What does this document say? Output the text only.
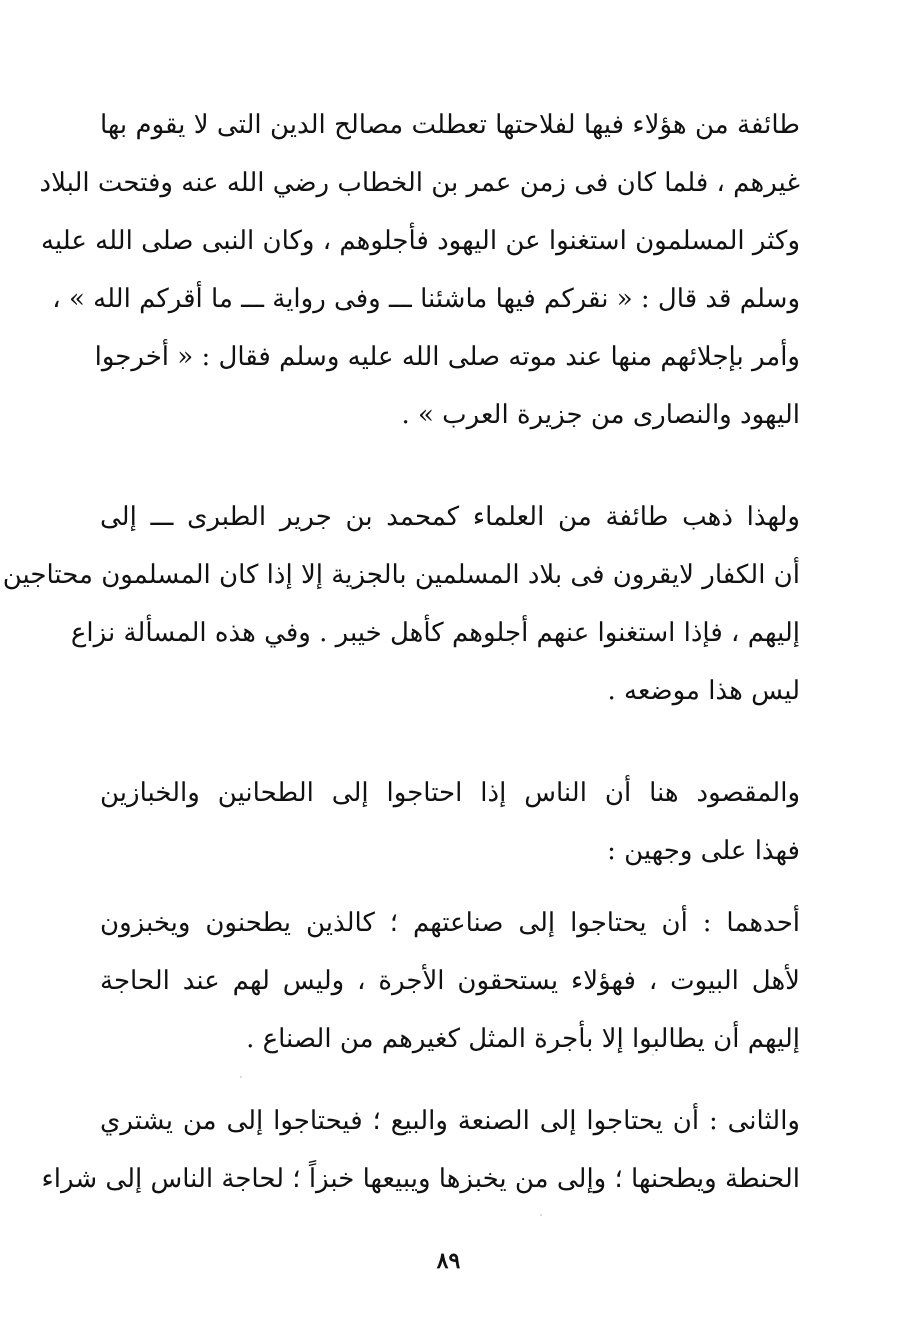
طائفة من هؤلاء فيها لفلاحتها تعطلت مصالح الدين التى لا يقوم بها
غيرهم ، فلما كان فى زمن عمر بن الخطاب رضي الله عنه وفتحت البلاد
وكثر المسلمون استغنوا عن اليهود فأجلوهم ، وكان النبى صلى الله عليه
وسلم قد قال : « نقركم فيها ماشئنا ـــ وفى رواية ـــ ما أقركم الله » ،
وأمر بإجلائهم منها عند موته صلى الله عليه وسلم فقال : « أخرجوا
اليهود والنصارى من جزيرة العرب » .
ولهذا ذهب طائفة من العلماء كمحمد بن جرير الطبرى ـــ إلى
أن الكفار لايقرون فى بلاد المسلمين بالجزية إلا إذا كان المسلمون محتاجين
إليهم ، فإذا استغنوا عنهم أجلوهم كأهل خيبر . وفي هذه المسألة نزاع
ليس هذا موضعه .
والمقصود هنا أن الناس إذا احتاجوا إلى الطحانين والخبازين
فهذا على وجهين :
أحدهما : أن يحتاجوا إلى صناعتهم ؛ كالذين يطحنون ويخبزون
لأهل البيوت ، فهؤلاء يستحقون الأجرة ، وليس لهم عند الحاجة
إليهم أن يطالبوا إلا بأجرة المثل كغيرهم من الصناع .
والثانى : أن يحتاجوا إلى الصنعة والبيع ؛ فيحتاجوا إلى من يشتري
الحنطة ويطحنها ؛ وإلى من يخبزها ويبيعها خبزاً ؛ لحاجة الناس إلى شراء
٨٩
